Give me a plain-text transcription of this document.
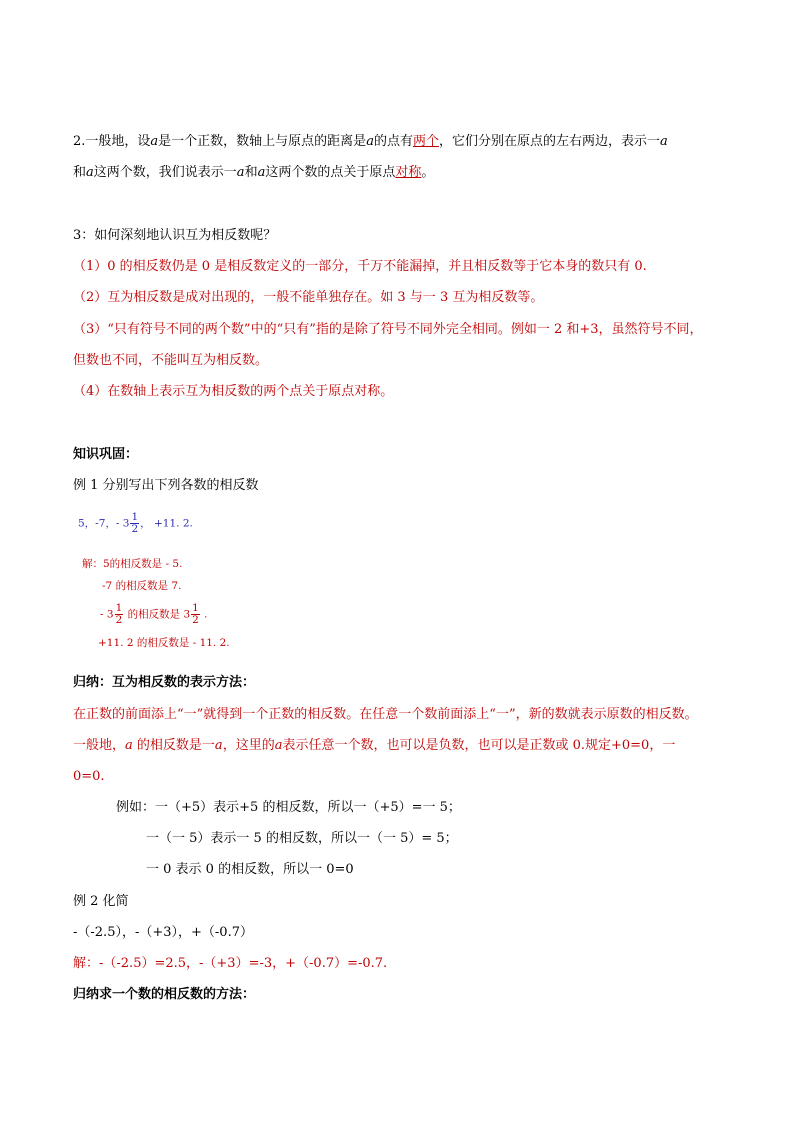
2.一般地，设a是一个正数，数轴上与原点的距离是a的点有两个，它们分别在原点的左右两边，表示一a
和a这两个数，我们说表示一a和a这两个数的点关于原点对称。
3：如何深刻地认识互为相反数呢？
（1）0 的相反数仍是 0 是相反数定义的一部分，千万不能漏掉，并且相反数等于它本身的数只有 0.
（2）互为相反数是成对出现的，一般不能单独存在。如 3 与一 3 互为相反数等。
（3）“只有符号不同的两个数”中的“只有”指的是除了符号不同外完全相同。例如一 2 和+3，虽然符号不同，
但数也不同，不能叫互为相反数。
（4）在数轴上表示互为相反数的两个点关于原点对称。
知识巩固：
例 1 分别写出下列各数的相反数
5，-7，- $3 \frac{1}{2}$ ， +11. 2.
解：5的相反数是 - 5.
-7 的相反数是 7.
- $3 \frac{1}{2}$ 的相反数是 $3 \frac{1}{2}$ .
+11. 2 的相反数是 - 11. 2.
归纳：互为相反数的表示方法：
在正数的前面添上“一”就得到一个正数的相反数。在任意一个数前面添上“一”，新的数就表示原数的相反数。
一般地，a 的相反数是一a，这里的a表示任意一个数，也可以是负数，也可以是正数或 0.规定+0=0，一
0=0.
例如：一（+5）表示+5 的相反数，所以一（+5）=一 5；
一（一 5）表示一 5 的相反数，所以一（一 5）= 5；
一 0 表示 0 的相反数，所以一 0=0
例 2 化简
-（-2.5），-（+3），+（-0.7）
解：-（-2.5）=2.5，-（+3）=-3，+（-0.7）=-0.7.
归纳求一个数的相反数的方法：
